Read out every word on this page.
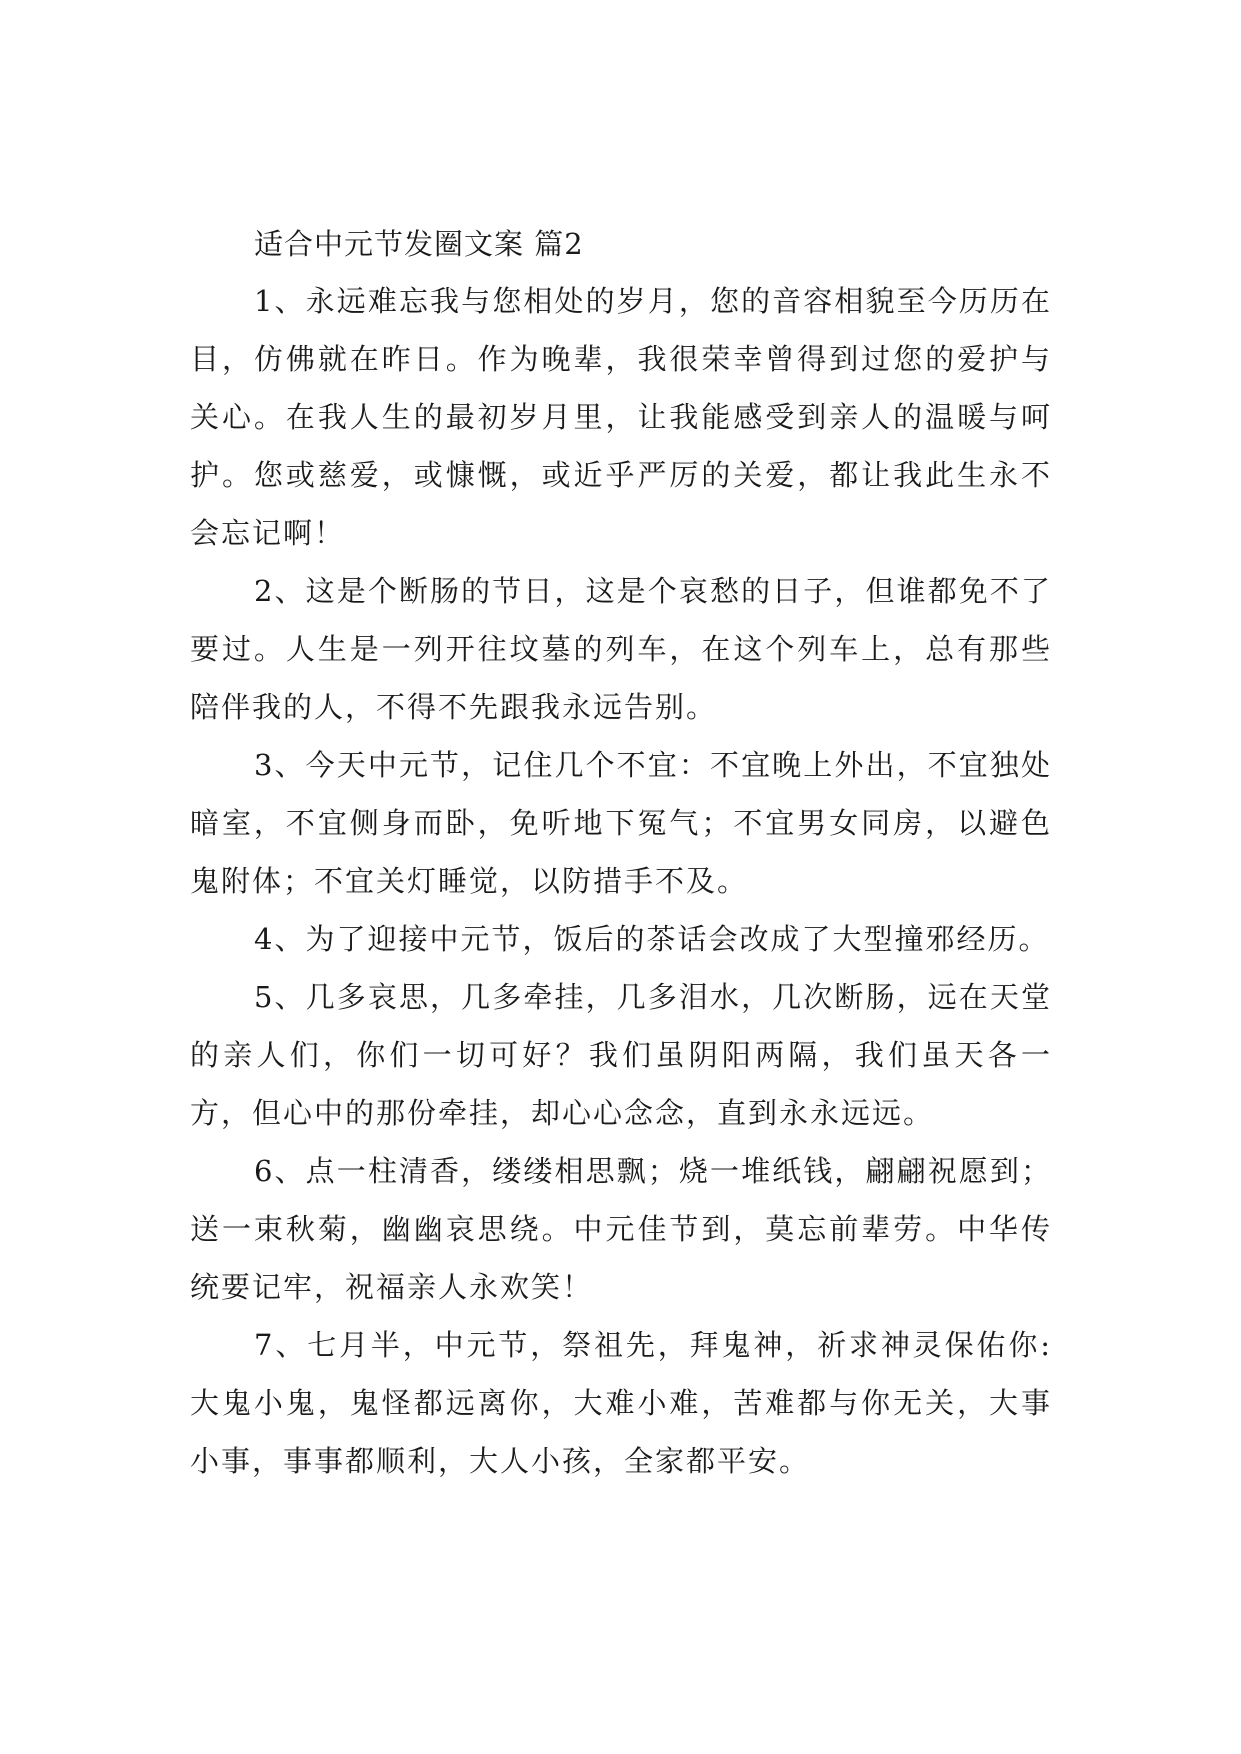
适合中元节发圈文案 篇2

1、永远难忘我与您相处的岁月，您的音容相貌至今历历在目，仿佛就在昨日。作为晚辈，我很荣幸曾得到过您的爱护与关心。在我人生的最初岁月里，让我能感受到亲人的温暖与呵护。您或慈爱，或慷慨，或近乎严厉的关爱，都让我此生永不会忘记啊！

2、这是个断肠的节日，这是个哀愁的日子，但谁都免不了要过。人生是一列开往坟墓的列车，在这个列车上，总有那些陪伴我的人，不得不先跟我永远告别。

3、今天中元节，记住几个不宜：不宜晚上外出，不宜独处暗室，不宜侧身而卧，免听地下冤气；不宜男女同房，以避色鬼附体；不宜关灯睡觉，以防措手不及。

4、为了迎接中元节，饭后的茶话会改成了大型撞邪经历。

5、几多哀思，几多牵挂，几多泪水，几次断肠，远在天堂的亲人们，你们一切可好？我们虽阴阳两隔，我们虽天各一方，但心中的那份牵挂，却心心念念，直到永永远远。

6、点一柱清香，缕缕相思飘；烧一堆纸钱，翩翩祝愿到；送一束秋菊，幽幽哀思绕。中元佳节到，莫忘前辈劳。中华传统要记牢，祝福亲人永欢笑！

7、七月半，中元节，祭祖先，拜鬼神，祈求神灵保佑你:大鬼小鬼，鬼怪都远离你，大难小难，苦难都与你无关，大事小事，事事都顺利，大人小孩，全家都平安。
